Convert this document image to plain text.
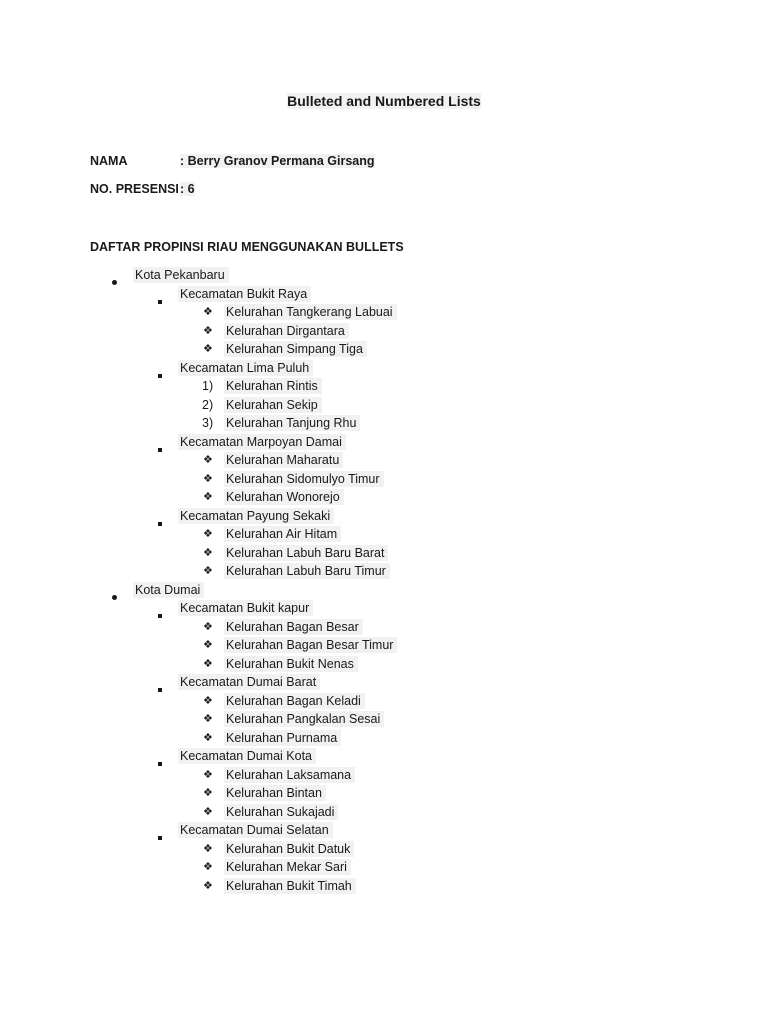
Bulleted and Numbered Lists
NAMA	: Berry Granov Permana Girsang
NO. PRESENSI : 6
DAFTAR PROPINSI RIAU MENGGUNAKAN BULLETS
Kota Pekanbaru
Kecamatan Bukit Raya
❖ Kelurahan Tangkerang Labuai
❖ Kelurahan Dirgantara
❖ Kelurahan Simpang Tiga
Kecamatan Lima Puluh
1) Kelurahan Rintis
2) Kelurahan Sekip
3) Kelurahan Tanjung Rhu
Kecamatan Marpoyan Damai
❖ Kelurahan Maharatu
❖ Kelurahan Sidomulyo Timur
❖ Kelurahan Wonorejo
Kecamatan Payung Sekaki
❖ Kelurahan Air Hitam
❖ Kelurahan Labuh Baru Barat
❖ Kelurahan Labuh Baru Timur
Kota Dumai
Kecamatan Bukit kapur
❖ Kelurahan Bagan Besar
❖ Kelurahan Bagan Besar Timur
❖ Kelurahan Bukit Nenas
Kecamatan Dumai Barat
❖ Kelurahan Bagan Keladi
❖ Kelurahan Pangkalan Sesai
❖ Kelurahan Purnama
Kecamatan Dumai Kota
❖ Kelurahan Laksamana
❖ Kelurahan Bintan
❖ Kelurahan Sukajadi
Kecamatan Dumai Selatan
❖ Kelurahan Bukit Datuk
❖ Kelurahan Mekar Sari
❖ Kelurahan Bukit Timah
